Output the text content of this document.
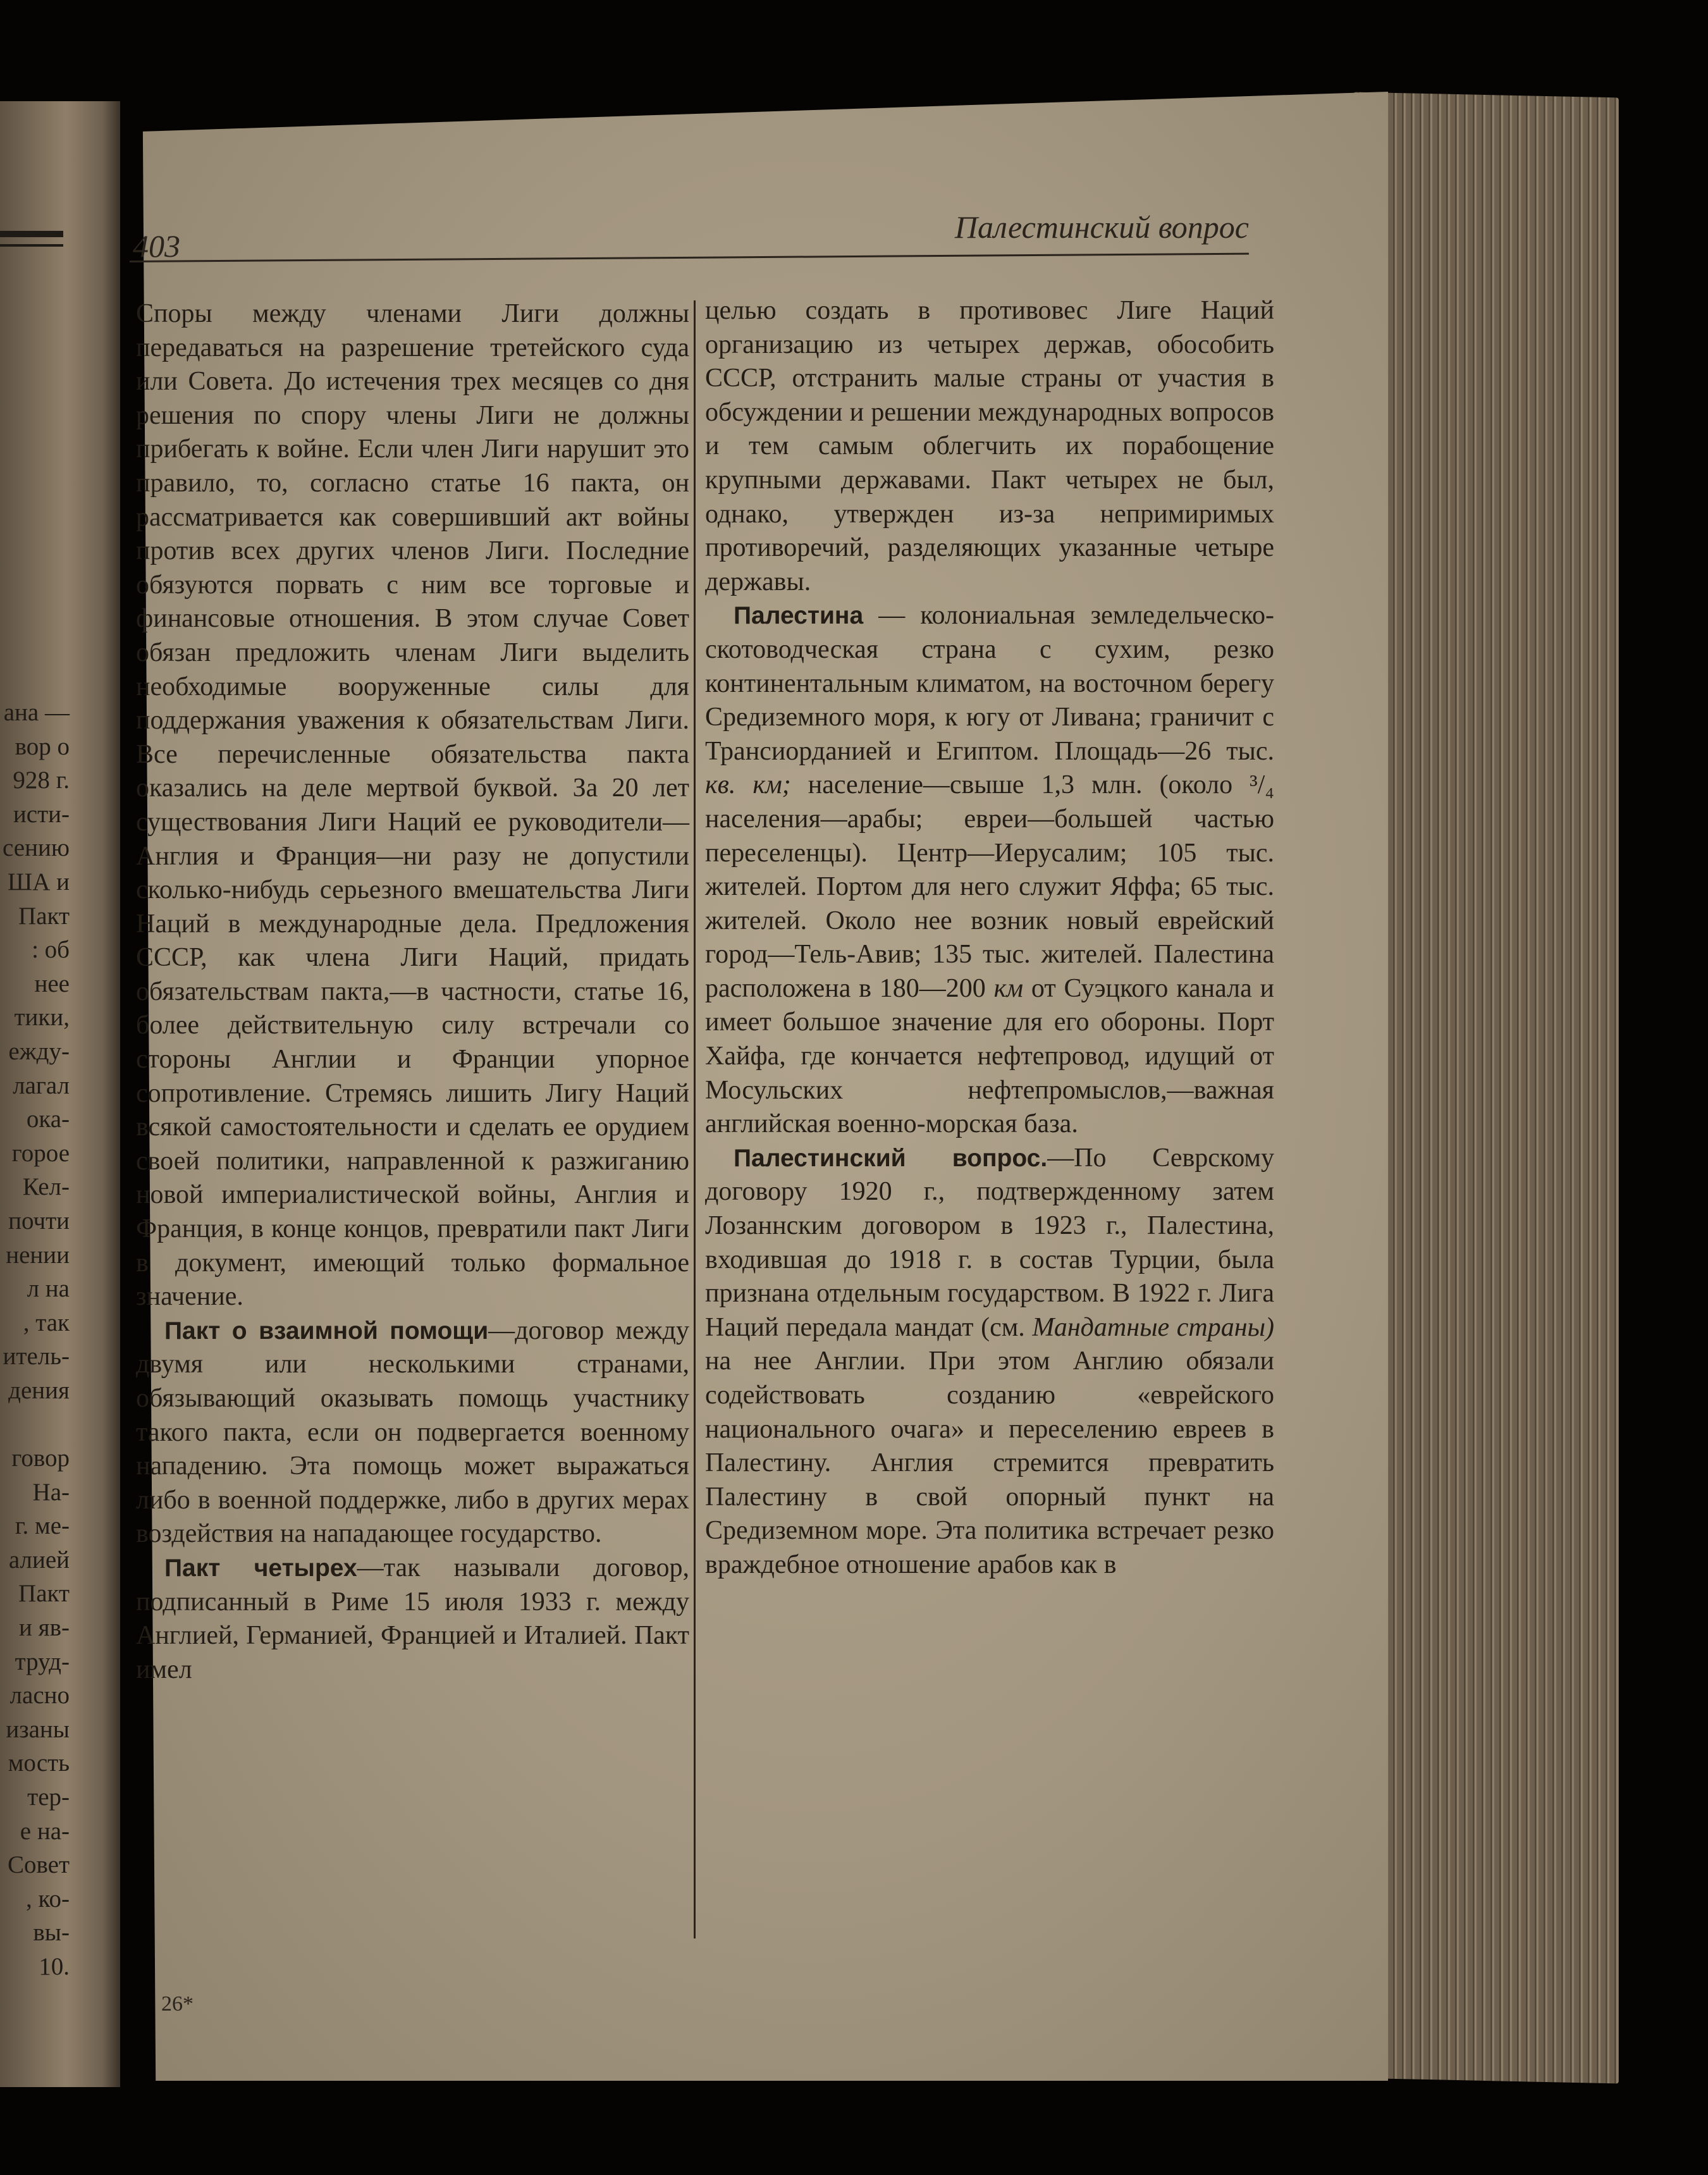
ана —
вор о
928 г.
исти-
сению
ША и
Пакт
: об
нее
тики,
ежду-
лагал
ока-
горое
Кел-
почти
нении
л на
, так
итель-
дения
говор
Ha-
г. ме-
алией
Пакт
и яв-
труд-
ласно
изаны
мость
тер-
е на-
Совет
, ко-
вы-
10.
403
Палестинский вопрос

Споры между членами Лиги должны передаваться на разрешение третейского суда или Совета. До истечения трех месяцев со дня решения по спору члены Лиги не должны прибегать к войне. Если член Лиги нарушит это правило, то, согласно статье 16 пакта, он рассматривается как совершивший акт войны против всех других членов Лиги. Последние обязуются порвать с ним все торговые и финансовые отношения. В этом случае Совет обязан предложить членам Лиги выделить необходимые вооруженные силы для поддержания уважения к обязательствам Лиги. Все перечисленные обязательства пакта оказались на деле мертвой буквой. За 20 лет существования Лиги Наций ее руководители—Англия и Франция—ни разу не допустили сколько-нибудь серьезного вмешательства Лиги Наций в международные дела. Предложения СССР, как члена Лиги Наций, придать обязательствам пакта,—в частности, статье 16, более действительную силу встречали со стороны Англии и Франции упорное сопротивление. Стремясь лишить Лигу Наций всякой самостоятельности и сделать ее орудием своей политики, направленной к разжиганию новой империалистической войны, Англия и Франция, в конце концов, превратили пакт Лиги в документ, имеющий только формальное значение.

Пакт о взаимной помощи—договор между двумя или несколькими странами, обязывающий оказывать помощь участнику такого пакта, если он подвергается военному нападению. Эта помощь может выражаться либо в военной поддержке, либо в других мерах воздействия на нападающее государство.

Пакт четырех—так называли договор, подписанный в Риме 15 июля 1933 г. между Англией, Германией, Францией и Италией. Пакт имел

целью создать в противовес Лиге Наций организацию из четырех держав, обособить СССР, отстранить малые страны от участия в обсуждении и решении международных вопросов и тем самым облегчить их порабощение крупными державами. Пакт четырех не был, однако, утвержден из-за непримиримых противоречий, разделяющих указанные четыре державы.

Палестина — колониальная земледельческо-скотоводческая страна с сухим, резко континентальным климатом, на восточном берегу Средиземного моря, к югу от Ливана; граничит с Трансиорданией и Египтом. Площадь—26 тыс. кв. км; население—свыше 1,3 млн. (около ³/₄ населения—арабы; евреи—большей частью переселенцы). Центр—Иерусалим; 105 тыс. жителей. Портом для него служит Яффа; 65 тыс. жителей. Около нее возник новый еврейский город—Тель-Авив; 135 тыс. жителей. Палестина расположена в 180—200 км от Суэцкого канала и имеет большое значение для его обороны. Порт Хайфа, где кончается нефтепровод, идущий от Мосульских нефтепромыслов,—важная английская военно-морская база.

Палестинский вопрос.—По Севрскому договору 1920 г., подтвержденному затем Лозаннским договором в 1923 г., Палестина, входившая до 1918 г. в состав Турции, была признана отдельным государством. В 1922 г. Лига Наций передала мандат (см. Мандатные страны) на нее Англии. При этом Англию обязали содействовать созданию «еврейского национального очага» и переселению евреев в Палестину. Англия стремится превратить Палестину в свой опорный пункт на Средиземном море. Эта политика встречает резко враждебное отношение арабов как в

26*
